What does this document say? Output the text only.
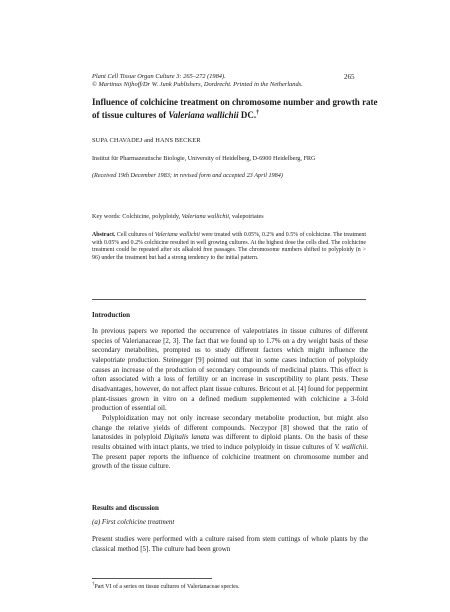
Plant Cell Tissue Organ Culture 3: 265–272 (1984).
© Martinus Nijhoff/Dr W. Junk Publishers, Dordrecht. Printed in the Netherlands.
265
Influence of colchicine treatment on chromosome number and growth rate of tissue cultures of Valeriana wallichii DC.†
SUPA CHAVADEJ and HANS BECKER
Institut für Pharmazeutische Biologie, University of Heidelberg, D-6900 Heidelberg, FRG
(Received 19th December 1983; in revised form and accepted 23 April 1984)
Key words: Colchicine, polyploidy, Valeriana wallichii, valepotriates
Abstract. Cell cultures of Valeriana wallichii were treated with 0.05%, 0.2% and 0.5% of colchicine. The treatment with 0.05% and 0.2% colchicine resulted in well growing cultures. At the highest dose the cells died. The colchicine treatment could be repeated after six alkaloid free passages. The chromosome numbers shifted to polyploidy (n > 96) under the treatment but had a strong tendency to the initial pattern.
Introduction

In previous papers we reported the occurrence of valepotriates in tissue cultures of different species of Valerianaceae [2, 3]. The fact that we found up to 1.7% on a dry weight basis of these secondary metabolites, prompted us to study different factors which might influence the valepotriate production. Steinegger [9] pointed out that in some cases induction of polyploidy causes an increase of the production of secondary compounds of medicinal plants. This effect is often associated with a loss of fertility or an increase in susceptibility to plant pests. These disadvantages, however, do not affect plant tissue cultures. Bricout et al. [4] found for peppermint plant-tissues grown in vitro on a defined medium supplemented with colchicine a 3-fold production of essential oil.

Polyploidization may not only increase secondary metabolite production, but might also change the relative yields of different compounds. Neczypor [8] showed that the ratio of lanatosides in polyploid Digitalis lanata was different to diploid plants. On the basis of these results obtained with intact plants, we tried to induce polyploidy in tissue cultures of V. wallichii. The present paper reports the influence of colchicine treatment on chromosome number and growth of the tissue culture.

Results and discussion
(a) First colchicine treatment
Present studies were performed with a culture raised from stem cuttings of whole plants by the classical method [5]. The culture had been grown
†Part VI of a series on tissue cultures of Valerianaceae species.
